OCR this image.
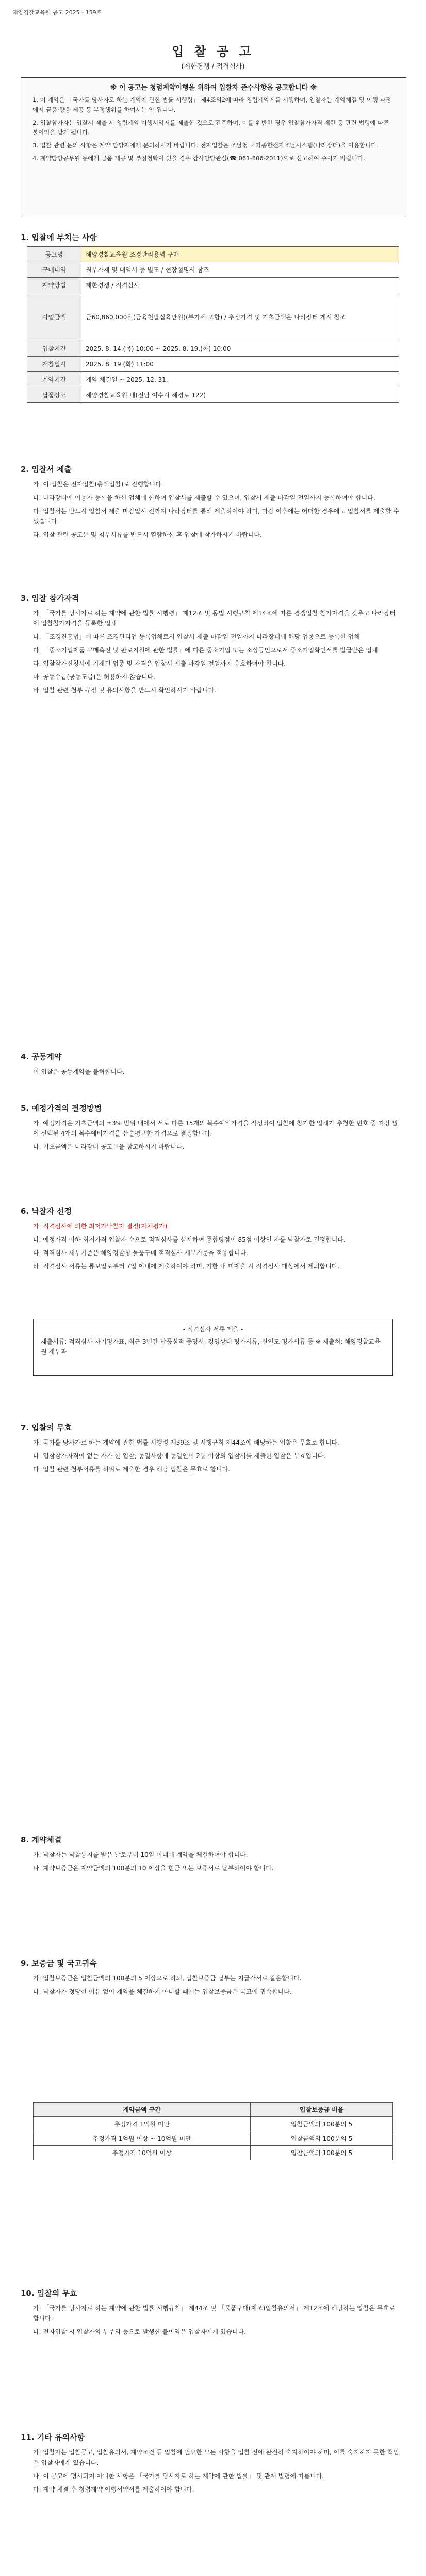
해양경찰교육원 공고 2025 - 159호
입 찰 공 고
(제한경쟁 / 적격심사)
※ 이 공고는 청렴계약이행을 위하여 입찰자 준수사항을 공고합니다 ※

1. 이 계약은 「국가를 당사자로 하는 계약에 관한 법률 시행령」 제4조의2에 따라 청렴계약제를 시행하며, 입찰자는 계약체결 및 이행 과정에서 금품·향응 제공 등 부정행위를 하여서는 안 됩니다.

2. 입찰참가자는 입찰서 제출 시 청렴계약 이행서약서를 제출한 것으로 간주하며, 이를 위반한 경우 입찰참가자격 제한 등 관련 법령에 따른 불이익을 받게 됩니다.

3. 입찰 관련 문의 사항은 계약 담당자에게 문의하시기 바랍니다. 전자입찰은 조달청 국가종합전자조달시스템(나라장터)을 이용합니다.

4. 계약담당공무원 등에게 금품 제공 및 부정청탁이 있을 경우 감사담당관실(☎ 061-806-2011)으로 신고하여 주시기 바랍니다.

1. 입찰에 부치는 사항
공고명	해양경찰교육원 조경관리용역 구매
구매내역	원부자재 및 내역서 등 별도 / 현장설명서 참조
계약방법	제한경쟁 / 적격심사
사업금액	금60,860,000원(금육천팔십육만원)(부가세 포함) / 추정가격 및 기초금액은 나라장터 게시 참조
입찰기간	2025. 8. 14.(목) 10:00 ~ 2025. 8. 19.(화) 10:00
개찰일시	2025. 8. 19.(화) 11:00
계약기간	계약 체결일 ~ 2025. 12. 31.
납품장소	해양경찰교육원 내(전남 여수시 해경로 122)
2. 입찰서 제출

가. 이 입찰은 전자입찰(총액입찰)로 진행합니다.

나. 나라장터에 이용자 등록을 하신 업체에 한하여 입찰서를 제출할 수 있으며, 입찰서 제출 마감일 전일까지 등록하여야 합니다.

다. 입찰서는 반드시 입찰서 제출 마감일시 전까지 나라장터를 통해 제출하여야 하며, 마감 이후에는 어떠한 경우에도 입찰서를 제출할 수 없습니다.

라. 입찰 관련 공고문 및 첨부서류를 반드시 열람하신 후 입찰에 참가하시기 바랍니다.

3. 입찰 참가자격

가. 「국가를 당사자로 하는 계약에 관한 법률 시행령」 제12조 및 동법 시행규칙 제14조에 따른 경쟁입찰 참가자격을 갖추고 나라장터에 입찰참가자격을 등록한 업체

나. 「조경진흥법」에 따른 조경관리업 등록업체로서 입찰서 제출 마감일 전일까지 나라장터에 해당 업종으로 등록한 업체

다. 「중소기업제품 구매촉진 및 판로지원에 관한 법률」에 따른 중소기업 또는 소상공인으로서 중소기업확인서를 발급받은 업체

라. 입찰참가신청서에 기재된 업종 및 자격은 입찰서 제출 마감일 전일까지 유효하여야 합니다.

마. 공동수급(공동도급)은 허용하지 않습니다.

바. 입찰 관련 첨부 규정 및 유의사항을 반드시 확인하시기 바랍니다.

4. 공동계약

이 입찰은 공동계약을 불허합니다.

5. 예정가격의 결정방법

가. 예정가격은 기초금액의 ±3% 범위 내에서 서로 다른 15개의 복수예비가격을 작성하여 입찰에 참가한 업체가 추첨한 번호 중 가장 많이 선택된 4개의 복수예비가격을 산술평균한 가격으로 결정합니다.

나. 기초금액은 나라장터 공고문을 참고하시기 바랍니다.

6. 낙찰자 선정

가. 적격심사에 의한 최저가낙찰자 결정(자체평가)

나. 예정가격 이하 최저가격 입찰자 순으로 적격심사를 실시하여 종합평점이 85점 이상인 자를 낙찰자로 결정합니다.

다. 적격심사 세부기준은 해양경찰청 물품구매 적격심사 세부기준을 적용합니다.

라. 적격심사 서류는 통보일로부터 7일 이내에 제출하여야 하며, 기한 내 미제출 시 적격심사 대상에서 제외합니다.

- 적격심사 서류 제출 -
제출서류: 적격심사 자기평가표, 최근 3년간 납품실적 증명서, 경영상태 평가서류, 신인도 평가서류 등 ※ 제출처: 해양경찰교육원 재무과
7. 입찰의 무효

가. 국가를 당사자로 하는 계약에 관한 법률 시행령 제39조 및 시행규칙 제44조에 해당하는 입찰은 무효로 합니다.

나. 입찰참가자격이 없는 자가 한 입찰, 동일사항에 동일인이 2통 이상의 입찰서를 제출한 입찰은 무효입니다.

다. 입찰 관련 첨부서류를 허위로 제출한 경우 해당 입찰은 무효로 합니다.

8. 계약체결

가. 낙찰자는 낙찰통지를 받은 날로부터 10일 이내에 계약을 체결하여야 합니다.

나. 계약보증금은 계약금액의 100분의 10 이상을 현금 또는 보증서로 납부하여야 합니다.

9. 보증금 및 국고귀속

가. 입찰보증금은 입찰금액의 100분의 5 이상으로 하되, 입찰보증금 납부는 지급각서로 갈음합니다.

나. 낙찰자가 정당한 이유 없이 계약을 체결하지 아니할 때에는 입찰보증금은 국고에 귀속합니다.

계약금액 구간	입찰보증금 비율
추정가격 1억원 미만	입찰금액의 100분의 5
추정가격 1억원 이상 ~ 10억원 미만	입찰금액의 100분의 5
추정가격 10억원 이상	입찰금액의 100분의 5
10. 입찰의 무효

가. 「국가를 당사자로 하는 계약에 관한 법률 시행규칙」 제44조 및 「물품구매(제조)입찰유의서」 제12조에 해당하는 입찰은 무효로 합니다.

나. 전자입찰 시 입찰자의 부주의 등으로 발생한 불이익은 입찰자에게 있습니다.

11. 기타 유의사항

가. 입찰자는 입찰공고, 입찰유의서, 계약조건 등 입찰에 필요한 모든 사항을 입찰 전에 완전히 숙지하여야 하며, 이를 숙지하지 못한 책임은 입찰자에게 있습니다.

나. 이 공고에 명시되지 아니한 사항은 「국가를 당사자로 하는 계약에 관한 법률」 및 관계 법령에 따릅니다.

다. 계약 체결 후 청렴계약 이행서약서를 제출하여야 합니다.
